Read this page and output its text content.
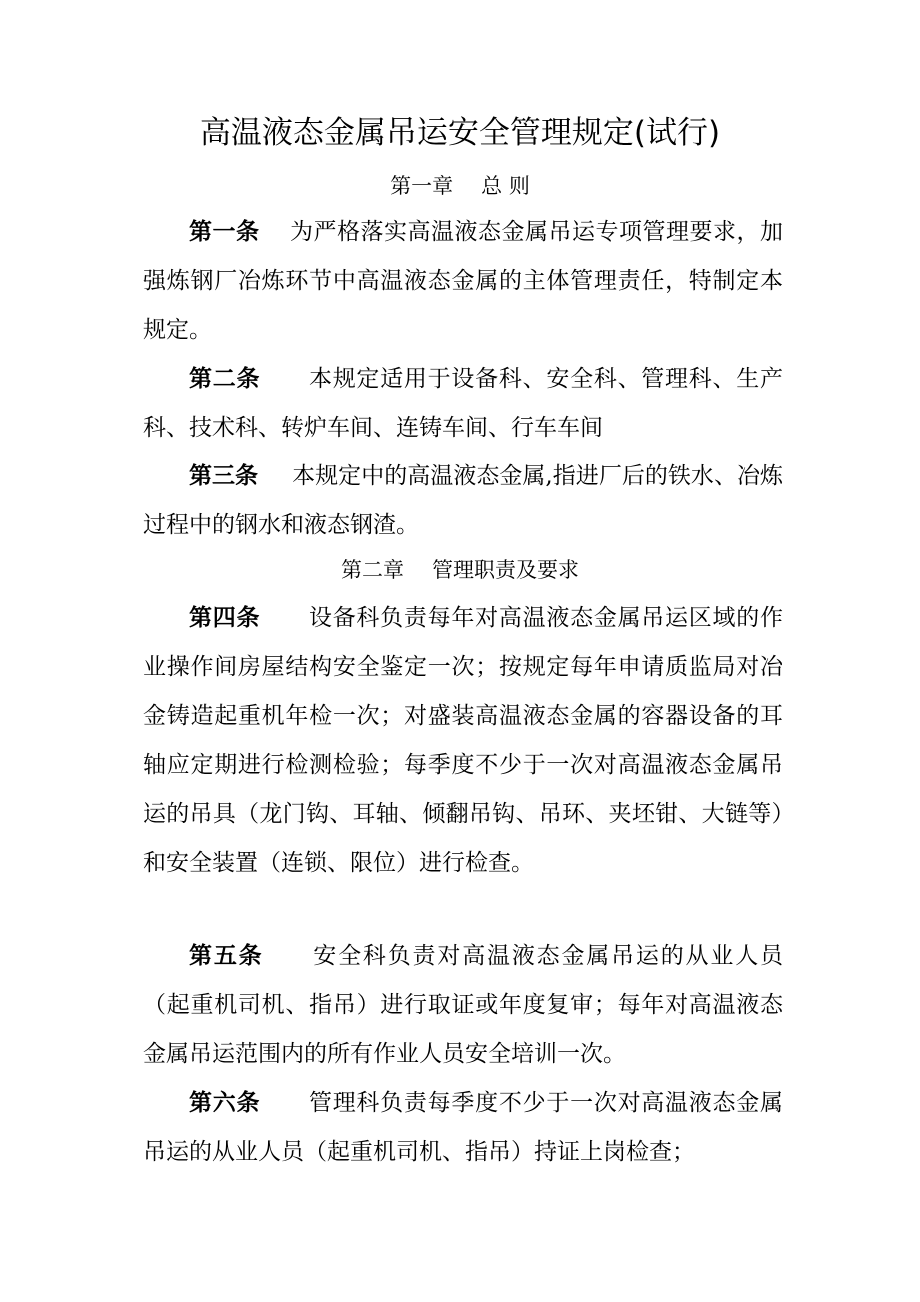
高温液态金属吊运安全管理规定(试行)
第一章 总 则

第一条 为严格落实高温液态金属吊运专项管理要求，加强炼钢厂冶炼环节中高温液态金属的主体管理责任，特制定本规定。

第二条 本规定适用于设备科、安全科、管理科、生产科、技术科、转炉车间、连铸车间、行车车间

第三条 本规定中的高温液态金属,指进厂后的铁水、冶炼过程中的钢水和液态钢渣。

第二章 管理职责及要求

第四条 设备科负责每年对高温液态金属吊运区域的作业操作间房屋结构安全鉴定一次；按规定每年申请质监局对冶金铸造起重机年检一次；对盛装高温液态金属的容器设备的耳轴应定期进行检测检验；每季度不少于一次对高温液态金属吊运的吊具（龙门钩、耳轴、倾翻吊钩、吊环、夹坯钳、大链等）和安全装置（连锁、限位）进行检查。

第五条 安全科负责对高温液态金属吊运的从业人员（起重机司机、指吊）进行取证或年度复审；每年对高温液态金属吊运范围内的所有作业人员安全培训一次。

第六条 管理科负责每季度不少于一次对高温液态金属吊运的从业人员（起重机司机、指吊）持证上岗检查；
